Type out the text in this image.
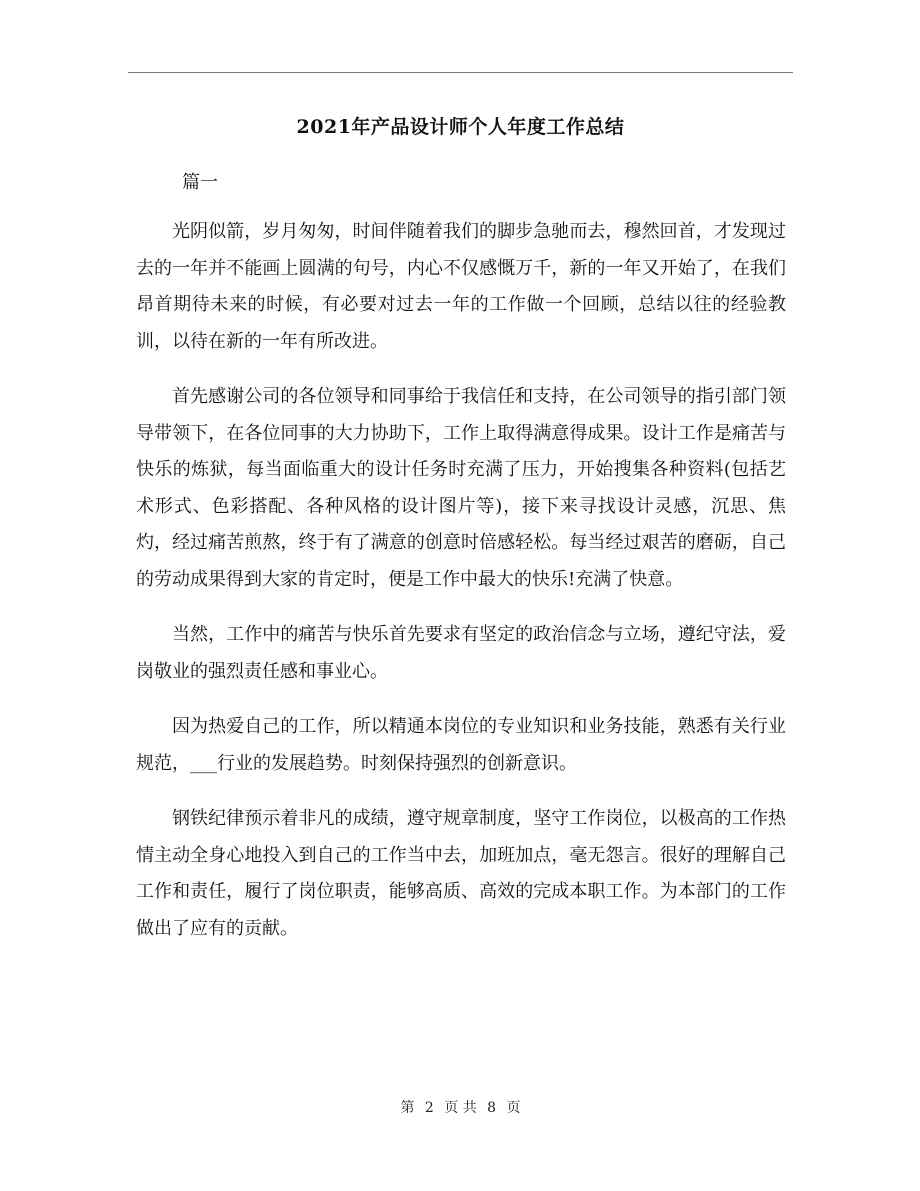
2021年产品设计师个人年度工作总结
篇一

光阴似箭，岁月匆匆，时间伴随着我们的脚步急驰而去，穆然回首，才发现过去的一年并不能画上圆满的句号，内心不仅感慨万千，新的一年又开始了，在我们昂首期待未来的时候，有必要对过去一年的工作做一个回顾，总结以往的经验教训，以待在新的一年有所改进。

首先感谢公司的各位领导和同事给于我信任和支持，在公司领导的指引部门领导带领下，在各位同事的大力协助下，工作上取得满意得成果。设计工作是痛苦与快乐的炼狱，每当面临重大的设计任务时充满了压力，开始搜集各种资料(包括艺术形式、色彩搭配、各种风格的设计图片等)，接下来寻找设计灵感，沉思、焦灼，经过痛苦煎熬，终于有了满意的创意时倍感轻松。每当经过艰苦的磨砺，自己的劳动成果得到大家的肯定时，便是工作中最大的快乐!充满了快意。

当然，工作中的痛苦与快乐首先要求有坚定的政治信念与立场，遵纪守法，爱岗敬业的强烈责任感和事业心。

因为热爱自己的工作，所以精通本岗位的专业知识和业务技能，熟悉有关行业规范，___行业的发展趋势。时刻保持强烈的创新意识。

钢铁纪律预示着非凡的成绩，遵守规章制度，坚守工作岗位，以极高的工作热情主动全身心地投入到自己的工作当中去，加班加点，毫无怨言。很好的理解自己工作和责任，履行了岗位职责，能够高质、高效的完成本职工作。为本部门的工作做出了应有的贡献。

第 2 页 共 8 页
